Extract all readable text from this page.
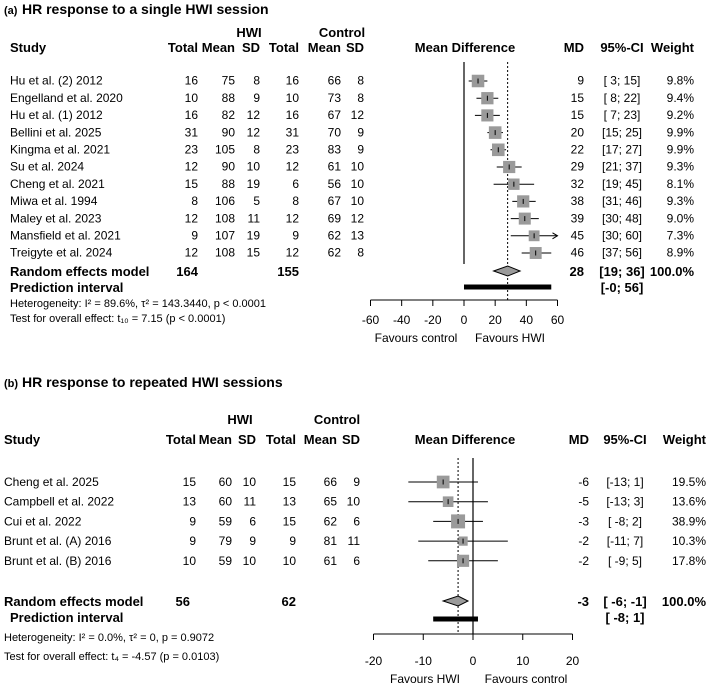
(a) HR response to a single HWI session
HWI	Control
Study	Total Mean SD Total Mean SD	Mean Difference	MD 95%-CI Weight
Hu et al. (2) 2012	16 75 8 16 66 8	9 [ 3; 15] 9.8%
Engelland et al. 2020	10 88 9 10 73 8	15 [ 8; 22] 9.4%
Hu et al. (1) 2012	16 82 12 16 67 12	15 [ 7; 23] 9.2%
Bellini et al. 2025	31 90 12 31 70 9	20 [15; 25] 9.9%
Kingma et al. 2021	23 105 8 23 83 9	22 [17; 27] 9.9%
Su et al. 2024	12 90 10 12 61 10	29 [21; 37] 9.3%
Cheng et al. 2021	15 88 19	6 56 10	32 [19; 45] 8.1%
Miwa et al. 1994	8 106 5	8 67 10	38 [31; 46] 9.3%
Maley et al. 2023	12 108 11 12 69 12	39 [30; 48] 9.0%
Mansfield et al. 2021	9 107 19	9 62 13	45 [30; 60] 7.3%
Treigyte et al. 2024	12 108 15 12 62 8	46 [37; 56] 8.9%
Random effects model 164	155	28 [19; 36] 100.0%
Prediction interval	[-0; 56]
Heterogeneity: I² = 89.6%, τ² = 143.3440, p < 0.0001
Test for overall effect: t₁₀ = 7.15 (p < 0.0001)	-60 -40 -20 0 20 40 60
Favours control Favours HWI
(b) HR response to repeated HWI sessions
HWI	Control
Study	Total Mean SD Total Mean SD	Mean Difference	MD 95%-CI Weight
Cheng et al. 2025	15 60 10 15 66 9	-6 [-13; 1] 19.5%
Campbell et al. 2022	13 60 11 13 65 10	-5 [-13; 3] 13.6%
Cui et al. 2022	9 59 6 15 62 6	-3 [ -8; 2] 38.9%
Brunt et al. (A) 2016	9 79 9	9 81 11	-2 [-11; 7] 10.3%
Brunt et al. (B) 2016	10 59 10 10 61 6	-2 [ -9; 5] 17.8%
Random effects model 56	62	-3 [ -6; -1] 100.0%
Prediction interval	[ -8; 1]
Heterogeneity: I² = 0.0%, τ² = 0, p = 0.9072
Test for overall effect: t₄ = -4.57 (p = 0.0103)	-20	-10	0	10	20
Favours HWI Favours control
